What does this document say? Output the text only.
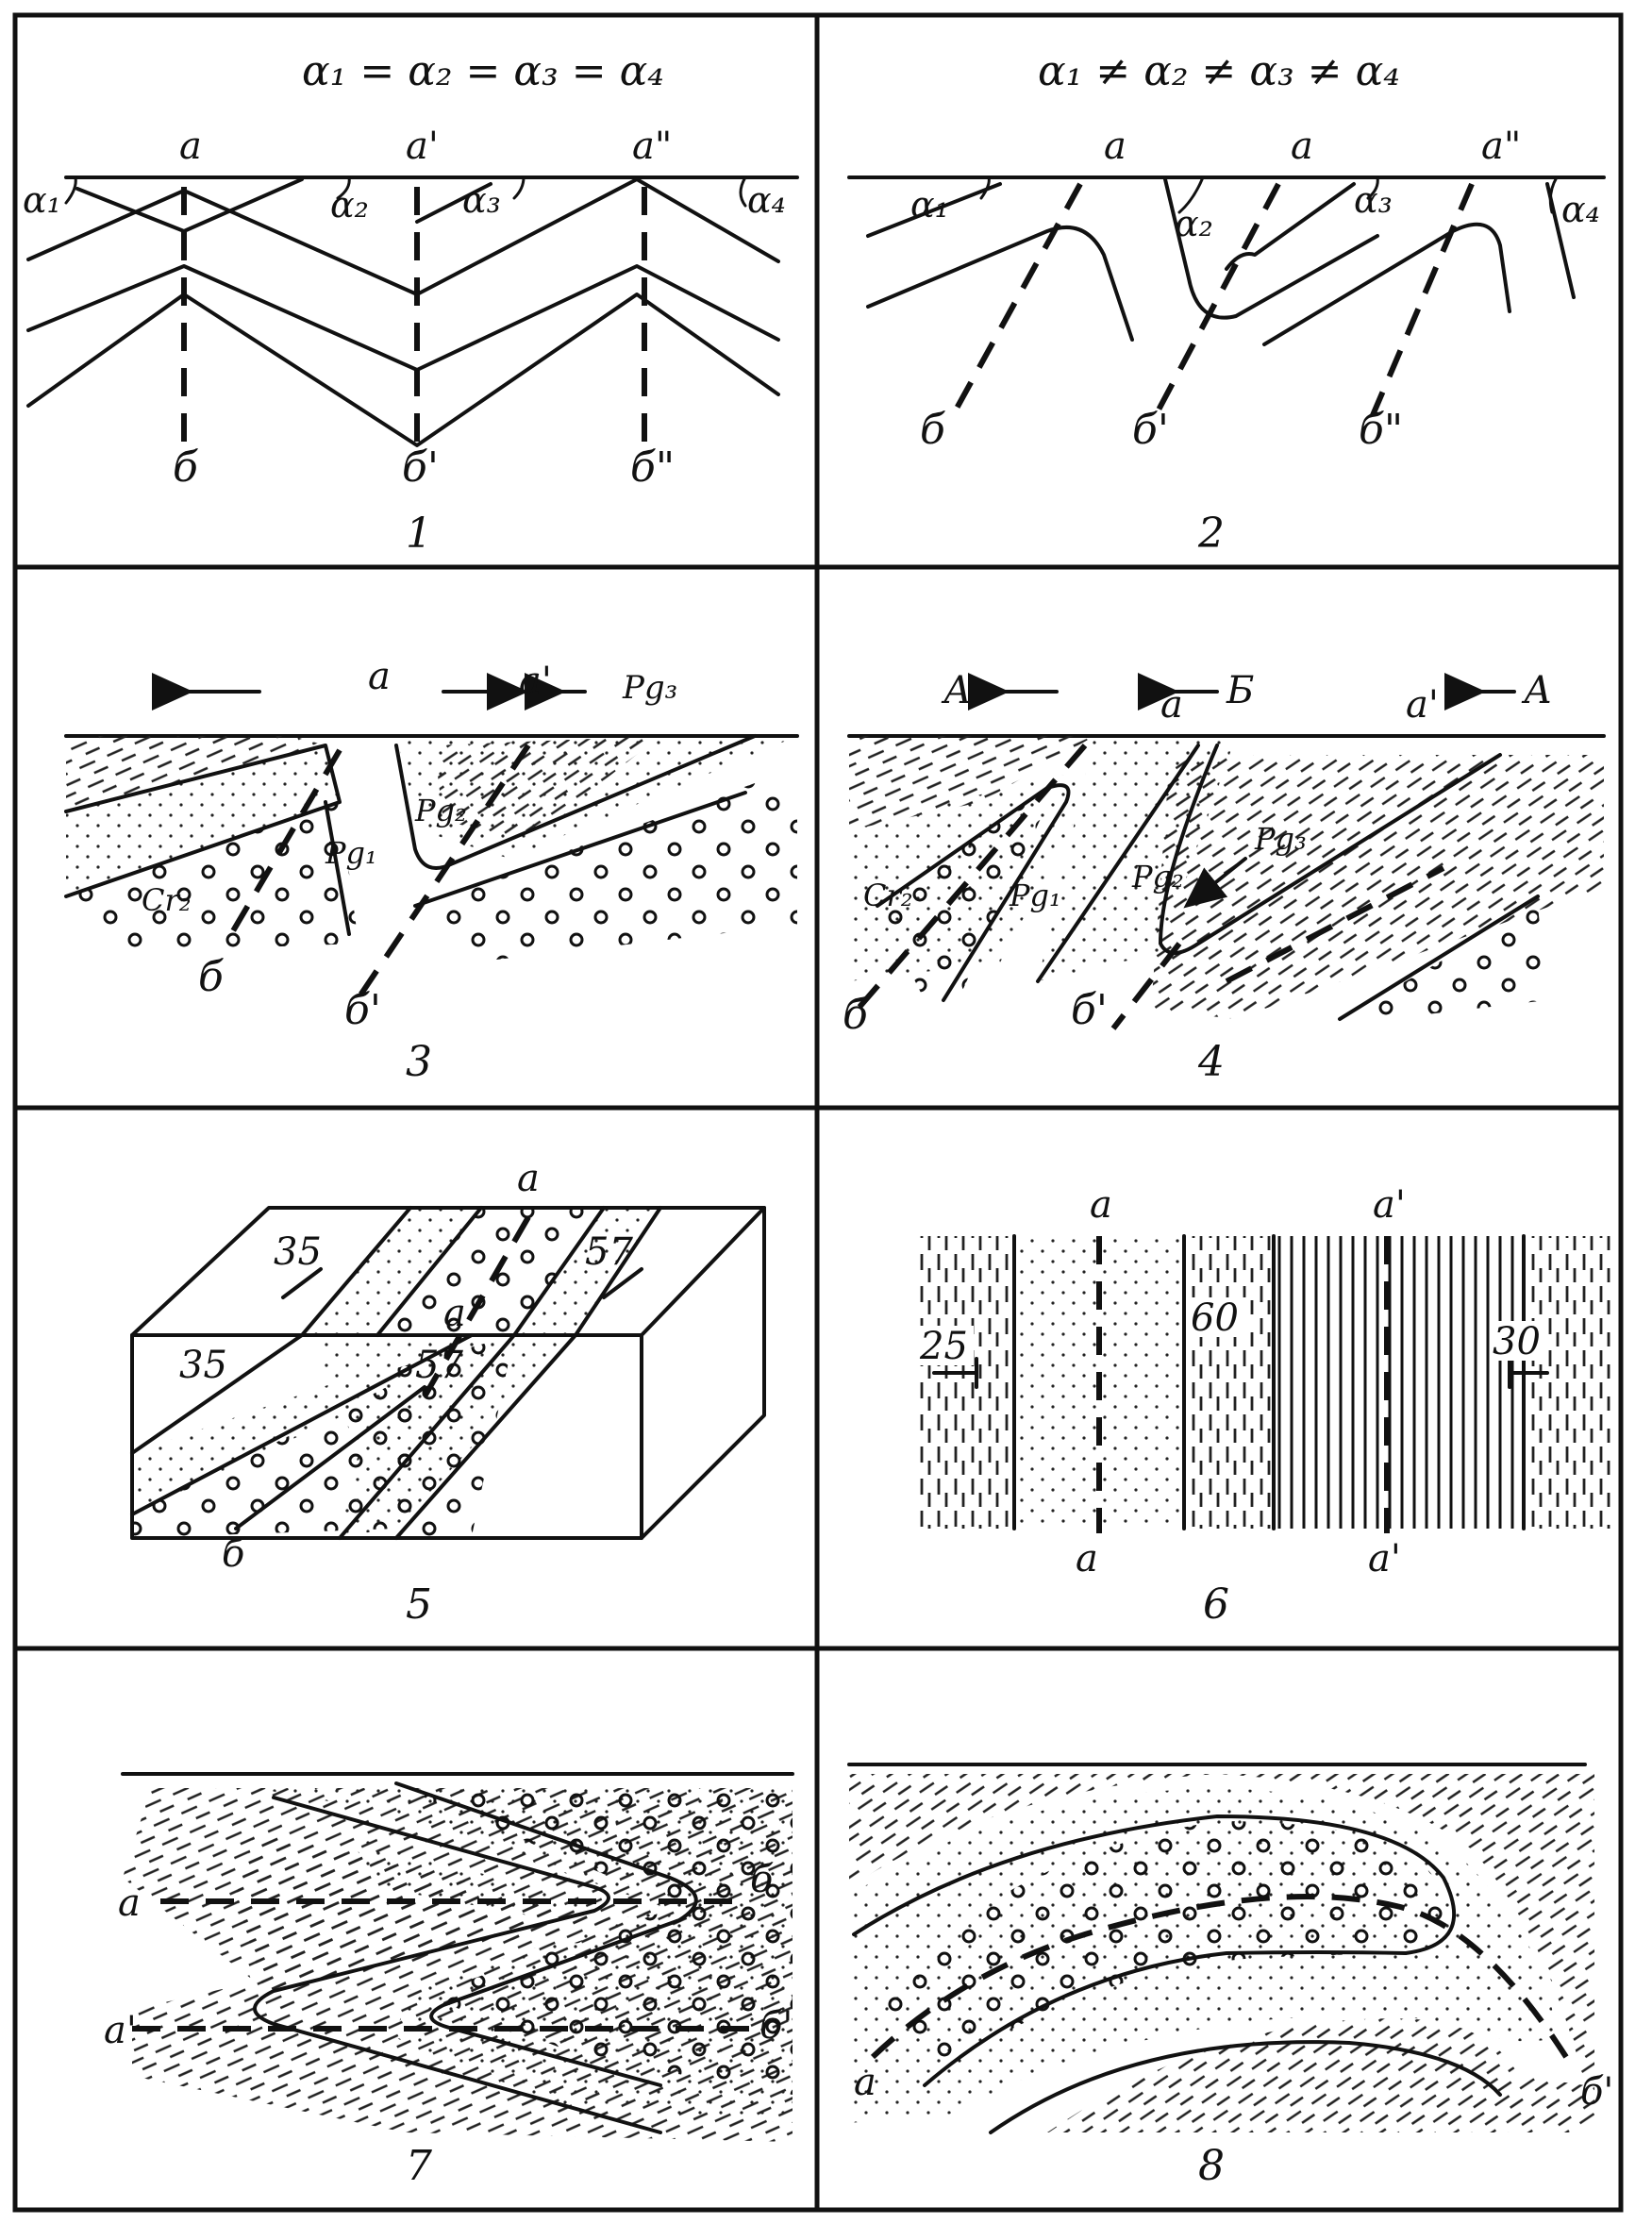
α₁ = α₂ = α₃ = α₄
а	а'	а"
α₁	α₂	α₃	α₄
б	б'	б"
1
α₁ ≠ α₂ ≠ α₃ ≠ α₄
а	а	а"
α₁	α₂
α₃	α₄
б	б'	б"
2
а	а' Pg₃
Pg₂
Pg₁
Cr₂
б
б'
3
А	Б	А
а	а'
Pg₃
Pg₂
Pg₁
Cr₂
б	б'
4
35	57
35	57
а
а
б
5
а	а'
а	а'
25
60
30
6
а
а'
б
б'
7
а	б'
8
